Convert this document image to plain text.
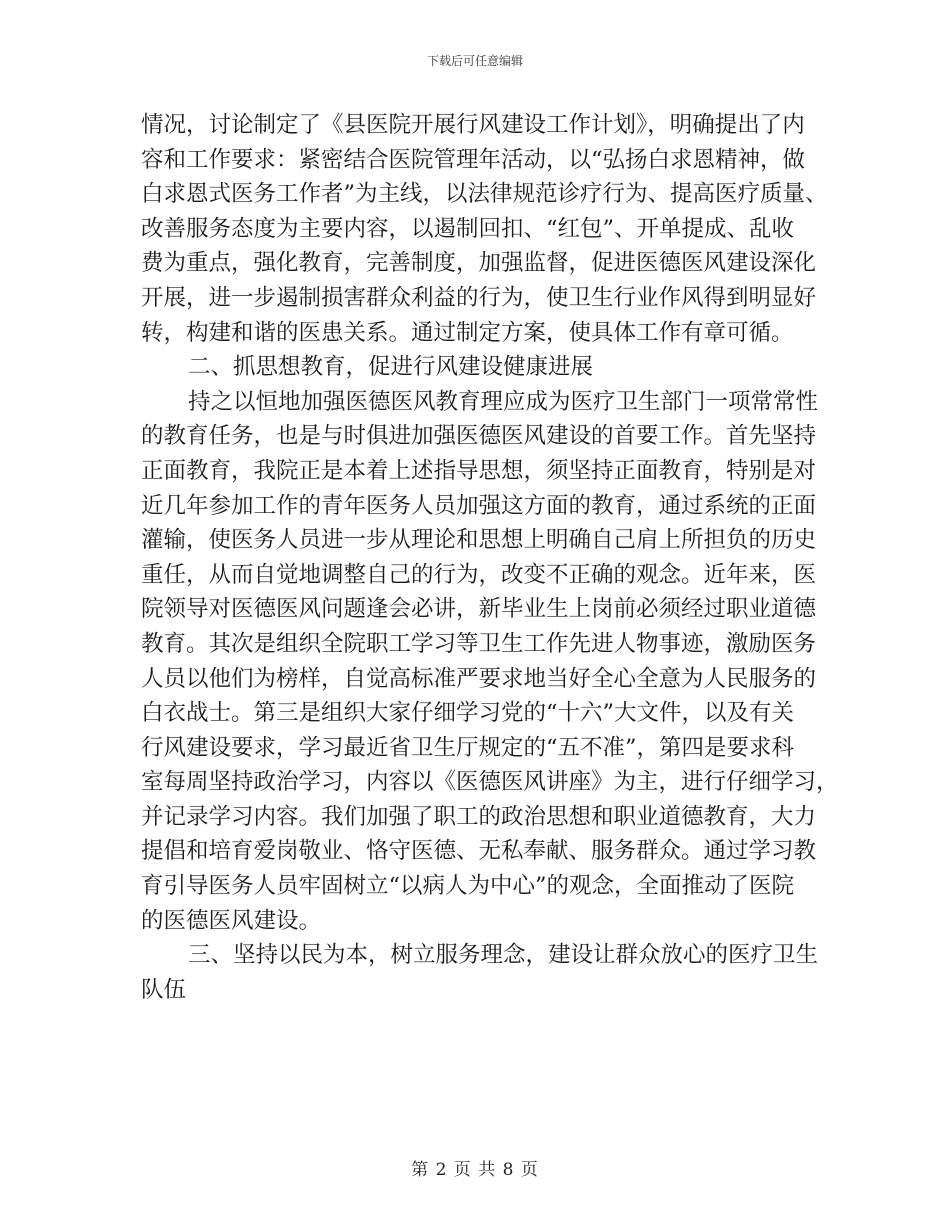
下载后可任意编辑
情况，讨论制定了《县医院开展行风建设工作计划》，明确提出了内
容和工作要求：紧密结合医院管理年活动，以“弘扬白求恩精神，做
白求恩式医务工作者”为主线，以法律规范诊疗行为、提高医疗质量、
改善服务态度为主要内容，以遏制回扣、“红包”、开单提成、乱收
费为重点，强化教育，完善制度，加强监督，促进医德医风建设深化
开展，进一步遏制损害群众利益的行为，使卫生行业作风得到明显好
转，构建和谐的医患关系。通过制定方案，使具体工作有章可循。
二、抓思想教育，促进行风建设健康进展
持之以恒地加强医德医风教育理应成为医疗卫生部门一项常常性
的教育任务，也是与时俱进加强医德医风建设的首要工作。首先坚持
正面教育，我院正是本着上述指导思想，须坚持正面教育，特别是对
近几年参加工作的青年医务人员加强这方面的教育，通过系统的正面
灌输，使医务人员进一步从理论和思想上明确自己肩上所担负的历史
重任，从而自觉地调整自己的行为，改变不正确的观念。近年来，医
院领导对医德医风问题逢会必讲，新毕业生上岗前必须经过职业道德
教育。其次是组织全院职工学习等卫生工作先进人物事迹，激励医务
人员以他们为榜样，自觉高标准严要求地当好全心全意为人民服务的
白衣战士。第三是组织大家仔细学习党的“十六”大文件，以及有关
行风建设要求，学习最近省卫生厅规定的“五不准”，第四是要求科
室每周坚持政治学习，内容以《医德医风讲座》为主，进行仔细学习，
并记录学习内容。我们加强了职工的政治思想和职业道德教育，大力
提倡和培育爱岗敬业、恪守医德、无私奉献、服务群众。通过学习教
育引导医务人员牢固树立“以病人为中心”的观念，全面推动了医院
的医德医风建设。
三、坚持以民为本，树立服务理念，建设让群众放心的医疗卫生
队伍
第 2 页 共 8 页
